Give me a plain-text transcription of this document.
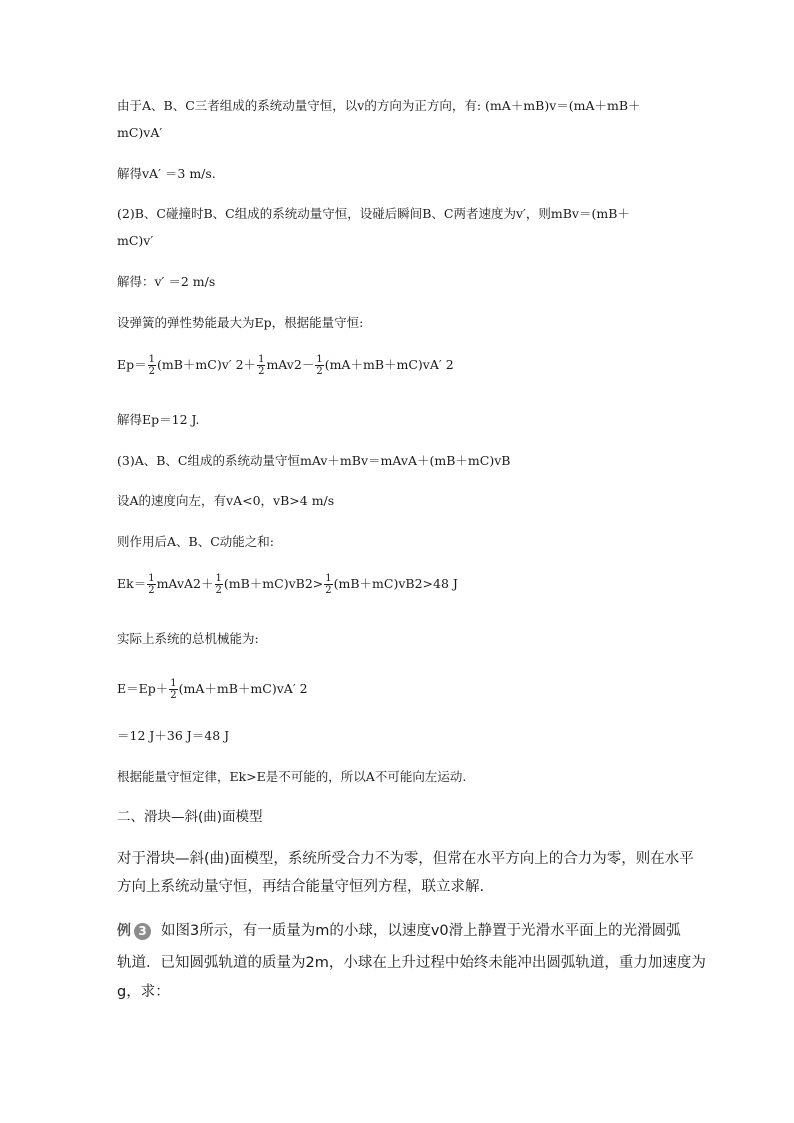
由于A、B、C三者组成的系统动量守恒，以v的方向为正方向，有: (mA＋mB)v＝(mA＋mB＋
mC)vA′
解得vA′ ＝3 m/s.
(2)B、C碰撞时B、C组成的系统动量守恒，设碰后瞬间B、C两者速度为v′，则mBv＝(mB＋
mC)v′
解得：v′ ＝2 m/s
设弹簧的弹性势能最大为Ep，根据能量守恒:
$Ep= \frac{1}{2} (mB+mC)v'$ $2+ \frac{1}{2} mAv2- \frac{1}{2} (mA+mB+mC)vA'$ 2
解得Ep＝12 J.
(3)A、B、C组成的系统动量守恒mAv＋mBv＝mAvA＋(mB＋mC)vB
设A的速度向左，有vA<0，vB>4 m/s
则作用后A、B、C动能之和:
$Ek= \frac{1}{2}$ mAvA2＋ $\frac{1}{2} (mB+mC)vB2> \frac{1}{2} (mB+mC)vB2>48$ J
实际上系统的总机械能为:
$E=Ep+ \frac{1}{2} (mA+mB+mC)vA'$ 2
＝12 J＋36 J＝48 J
根据能量守恒定律，Ek>E是不可能的，所以A不可能向左运动.
二、滑块—斜(曲)面模型
对于滑块—斜(曲)面模型，系统所受合力不为零，但常在水平方向上的合力为零，则在水平
方向上系统动量守恒，再结合能量守恒列方程，联立求解.
例 3 如图3所示，有一质量为m的小球，以速度v0滑上静置于光滑水平面上的光滑圆弧
轨道．已知圆弧轨道的质量为2m，小球在上升过程中始终未能冲出圆弧轨道，重力加速度为
g，求：
